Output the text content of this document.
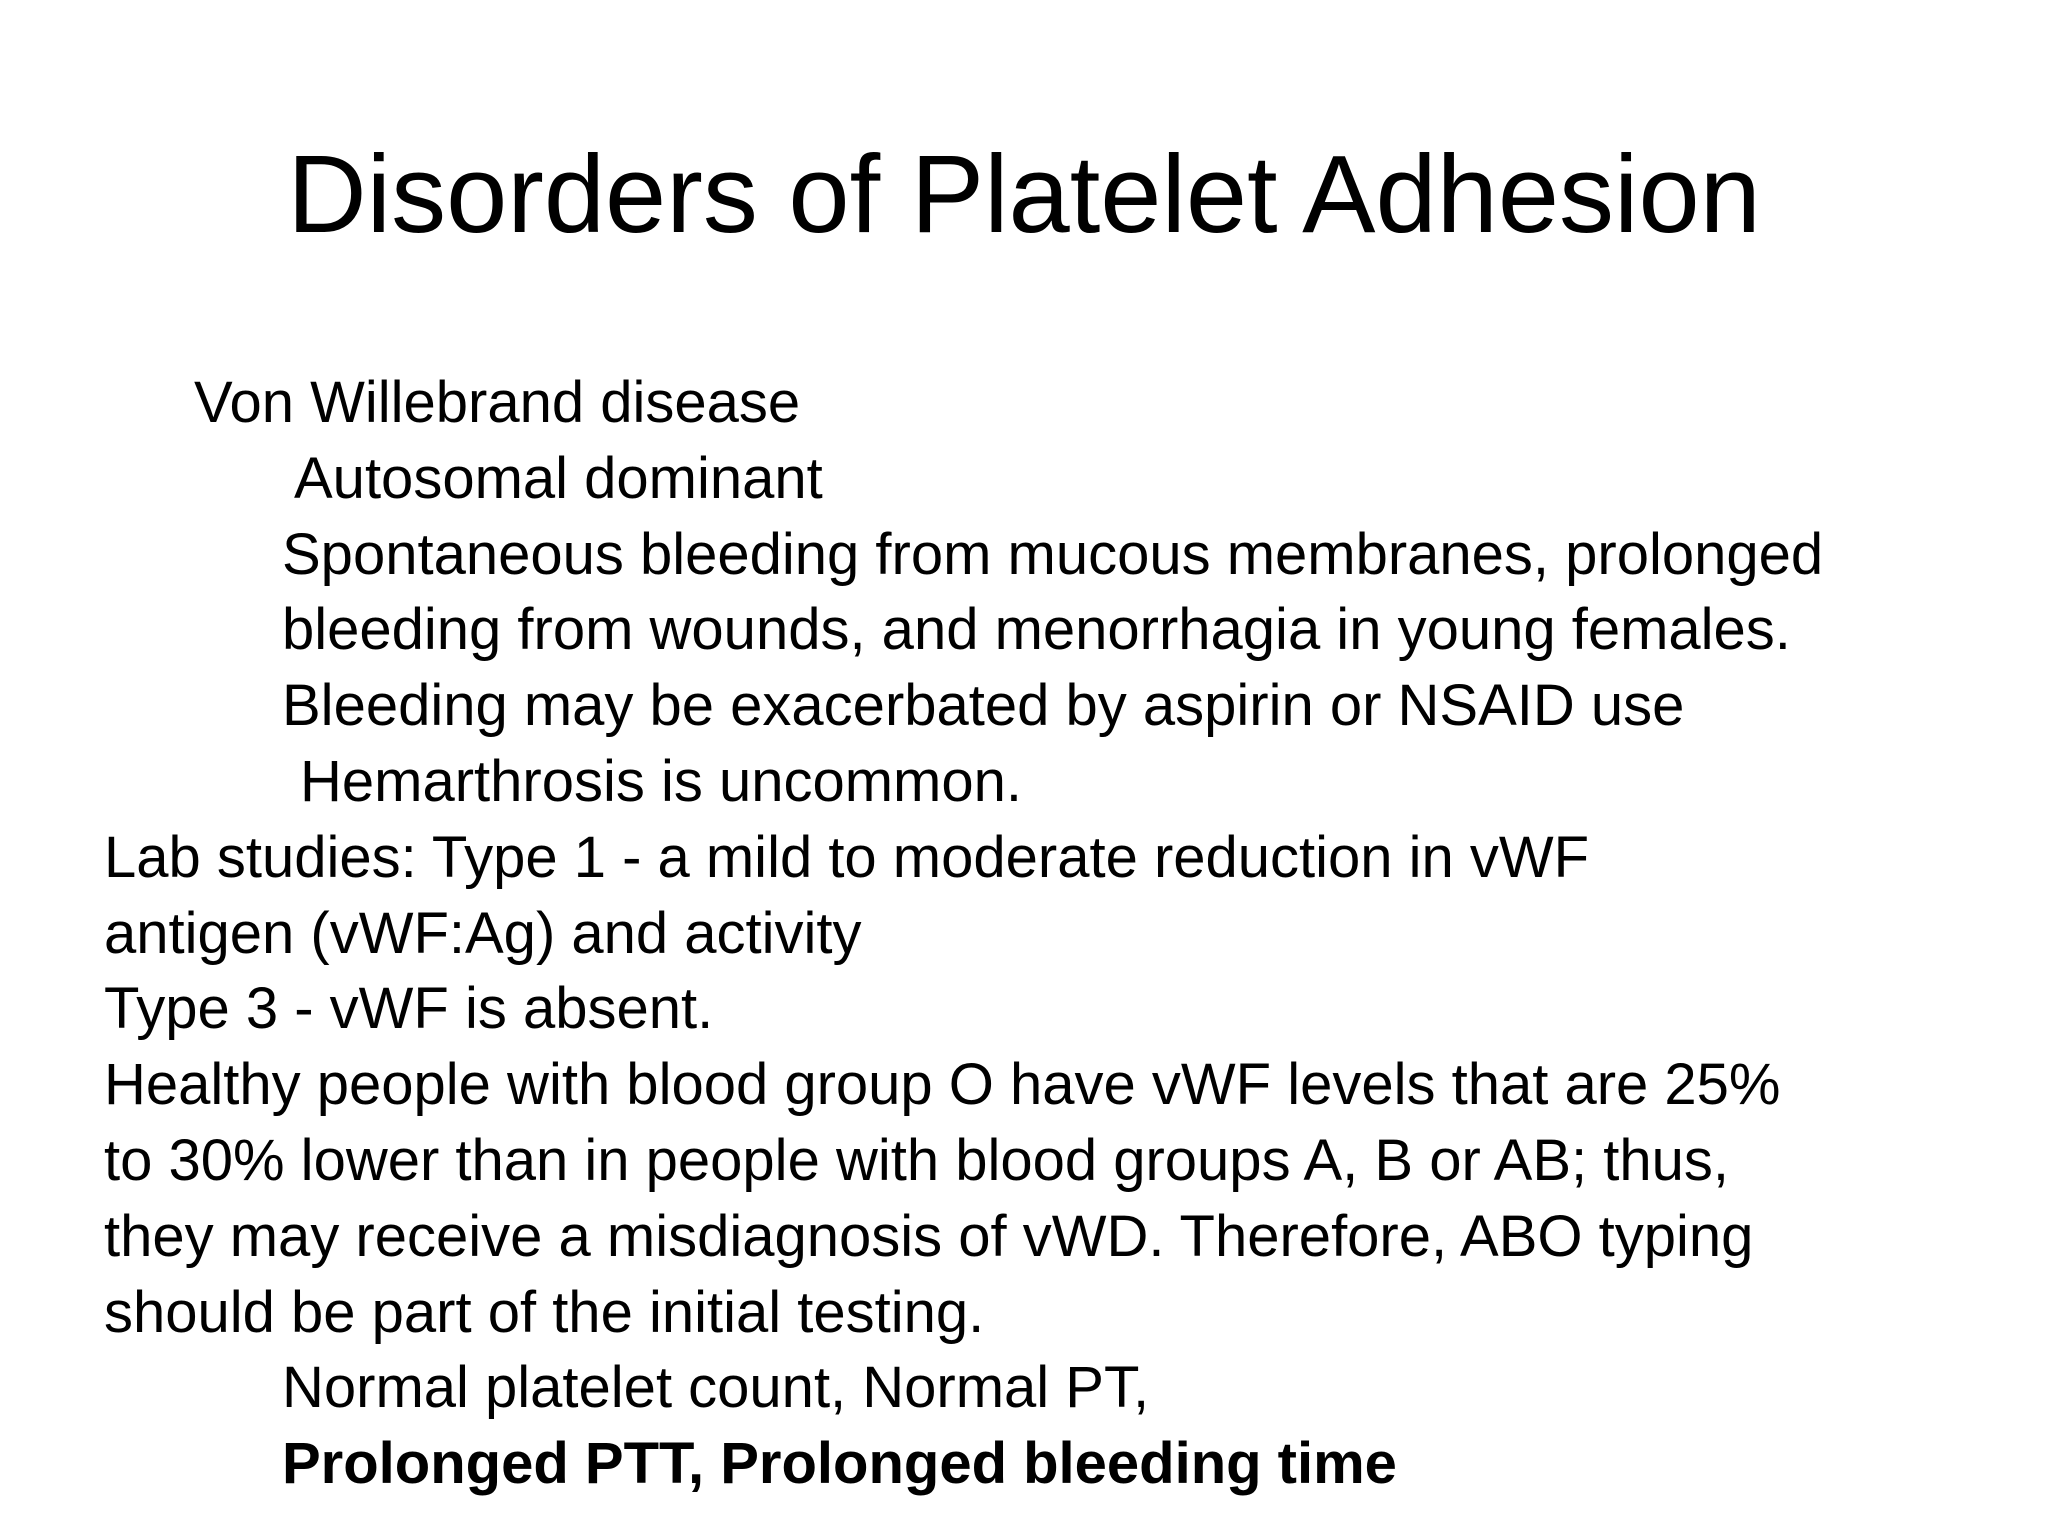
Disorders of Platelet Adhesion
Von Willebrand disease
Autosomal dominant
Spontaneous bleeding from mucous membranes, prolonged
bleeding from wounds, and menorrhagia in young females.
Bleeding may be exacerbated by aspirin or NSAID use
Hemarthrosis is uncommon.
Lab studies: Type 1 - a mild to moderate reduction in vWF
antigen (vWF:Ag) and activity
Type 3 - vWF is absent.
Healthy people with blood group O have vWF levels that are 25%
to 30% lower than in people with blood groups A, B or AB; thus,
they may receive a misdiagnosis of vWD. Therefore, ABO typing
should be part of the initial testing.
Normal platelet count, Normal PT,
Prolonged PTT, Prolonged bleeding time
